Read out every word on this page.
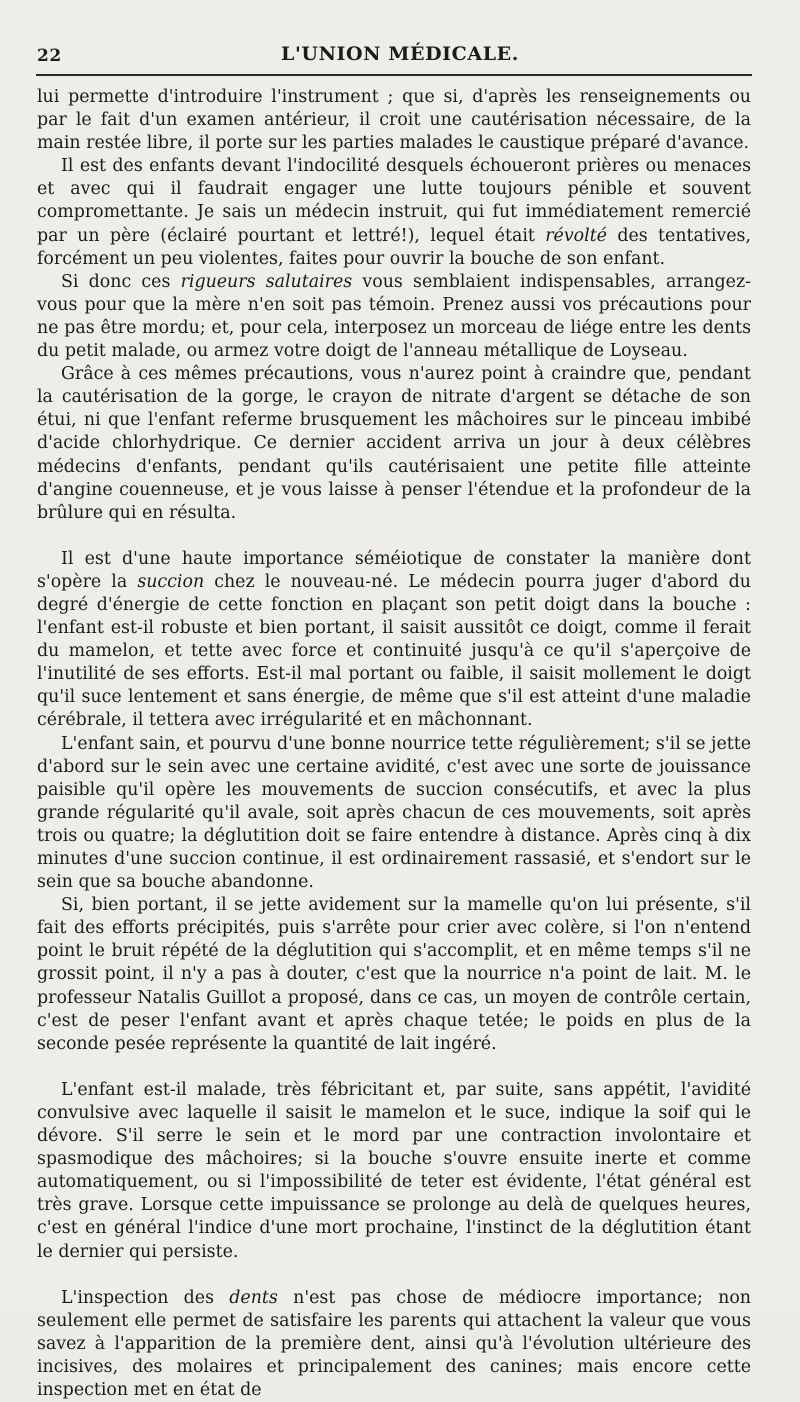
22	L'UNION MÉDICALE.

lui permette d'introduire l'instrument ; que si, d'après les renseignements ou par le fait d'un examen antérieur, il croit une cautérisation nécessaire, de la main restée libre, il porte sur les parties malades le caustique préparé d'avance.

Il est des enfants devant l'indocilité desquels échoueront prières ou menaces et avec qui il faudrait engager une lutte toujours pénible et souvent compromettante. Je sais un médecin instruit, qui fut immédiatement remercié par un père (éclairé pourtant et lettré!), lequel était révolté des tentatives, forcément un peu violentes, faites pour ouvrir la bouche de son enfant.

Si donc ces rigueurs salutaires vous semblaient indispensables, arrangez-vous pour que la mère n'en soit pas témoin. Prenez aussi vos précautions pour ne pas être mordu; et, pour cela, interposez un morceau de liége entre les dents du petit malade, ou armez votre doigt de l'anneau métallique de Loyseau.

Grâce à ces mêmes précautions, vous n'aurez point à craindre que, pendant la cautérisation de la gorge, le crayon de nitrate d'argent se détache de son étui, ni que l'enfant referme brusquement les mâchoires sur le pinceau imbibé d'acide chlorhydrique. Ce dernier accident arriva un jour à deux célèbres médecins d'enfants, pendant qu'ils cautérisaient une petite fille atteinte d'angine couenneuse, et je vous laisse à penser l'étendue et la profondeur de la brûlure qui en résulta.

Il est d'une haute importance séméiotique de constater la manière dont s'opère la succion chez le nouveau-né. Le médecin pourra juger d'abord du degré d'énergie de cette fonction en plaçant son petit doigt dans la bouche : l'enfant est-il robuste et bien portant, il saisit aussitôt ce doigt, comme il ferait du mamelon, et tette avec force et continuité jusqu'à ce qu'il s'aperçoive de l'inutilité de ses efforts. Est-il mal portant ou faible, il saisit mollement le doigt qu'il suce lentement et sans énergie, de même que s'il est atteint d'une maladie cérébrale, il tettera avec irrégularité et en mâchonnant.

L'enfant sain, et pourvu d'une bonne nourrice tette régulièrement; s'il se jette d'abord sur le sein avec une certaine avidité, c'est avec une sorte de jouissance paisible qu'il opère les mouvements de succion consécutifs, et avec la plus grande régularité qu'il avale, soit après chacun de ces mouvements, soit après trois ou quatre; la déglutition doit se faire entendre à distance. Après cinq à dix minutes d'une succion continue, il est ordinairement rassasié, et s'endort sur le sein que sa bouche abandonne.

Si, bien portant, il se jette avidement sur la mamelle qu'on lui présente, s'il fait des efforts précipités, puis s'arrête pour crier avec colère, si l'on n'entend point le bruit répété de la déglutition qui s'accomplit, et en même temps s'il ne grossit point, il n'y a pas à douter, c'est que la nourrice n'a point de lait. M. le professeur Natalis Guillot a proposé, dans ce cas, un moyen de contrôle certain, c'est de peser l'enfant avant et après chaque tetée; le poids en plus de la seconde pesée représente la quantité de lait ingéré.

L'enfant est-il malade, très fébricitant et, par suite, sans appétit, l'avidité convulsive avec laquelle il saisit le mamelon et le suce, indique la soif qui le dévore. S'il serre le sein et le mord par une contraction involontaire et spasmodique des mâchoires; si la bouche s'ouvre ensuite inerte et comme automatiquement, ou si l'impossibilité de teter est évidente, l'état général est très grave. Lorsque cette impuissance se prolonge au delà de quelques heures, c'est en général l'indice d'une mort prochaine, l'instinct de la déglutition étant le dernier qui persiste.

L'inspection des dents n'est pas chose de médiocre importance; non seulement elle permet de satisfaire les parents qui attachent la valeur que vous savez à l'apparition de la première dent, ainsi qu'à l'évolution ultérieure des incisives, des molaires et principalement des canines; mais encore cette inspection met en état de
